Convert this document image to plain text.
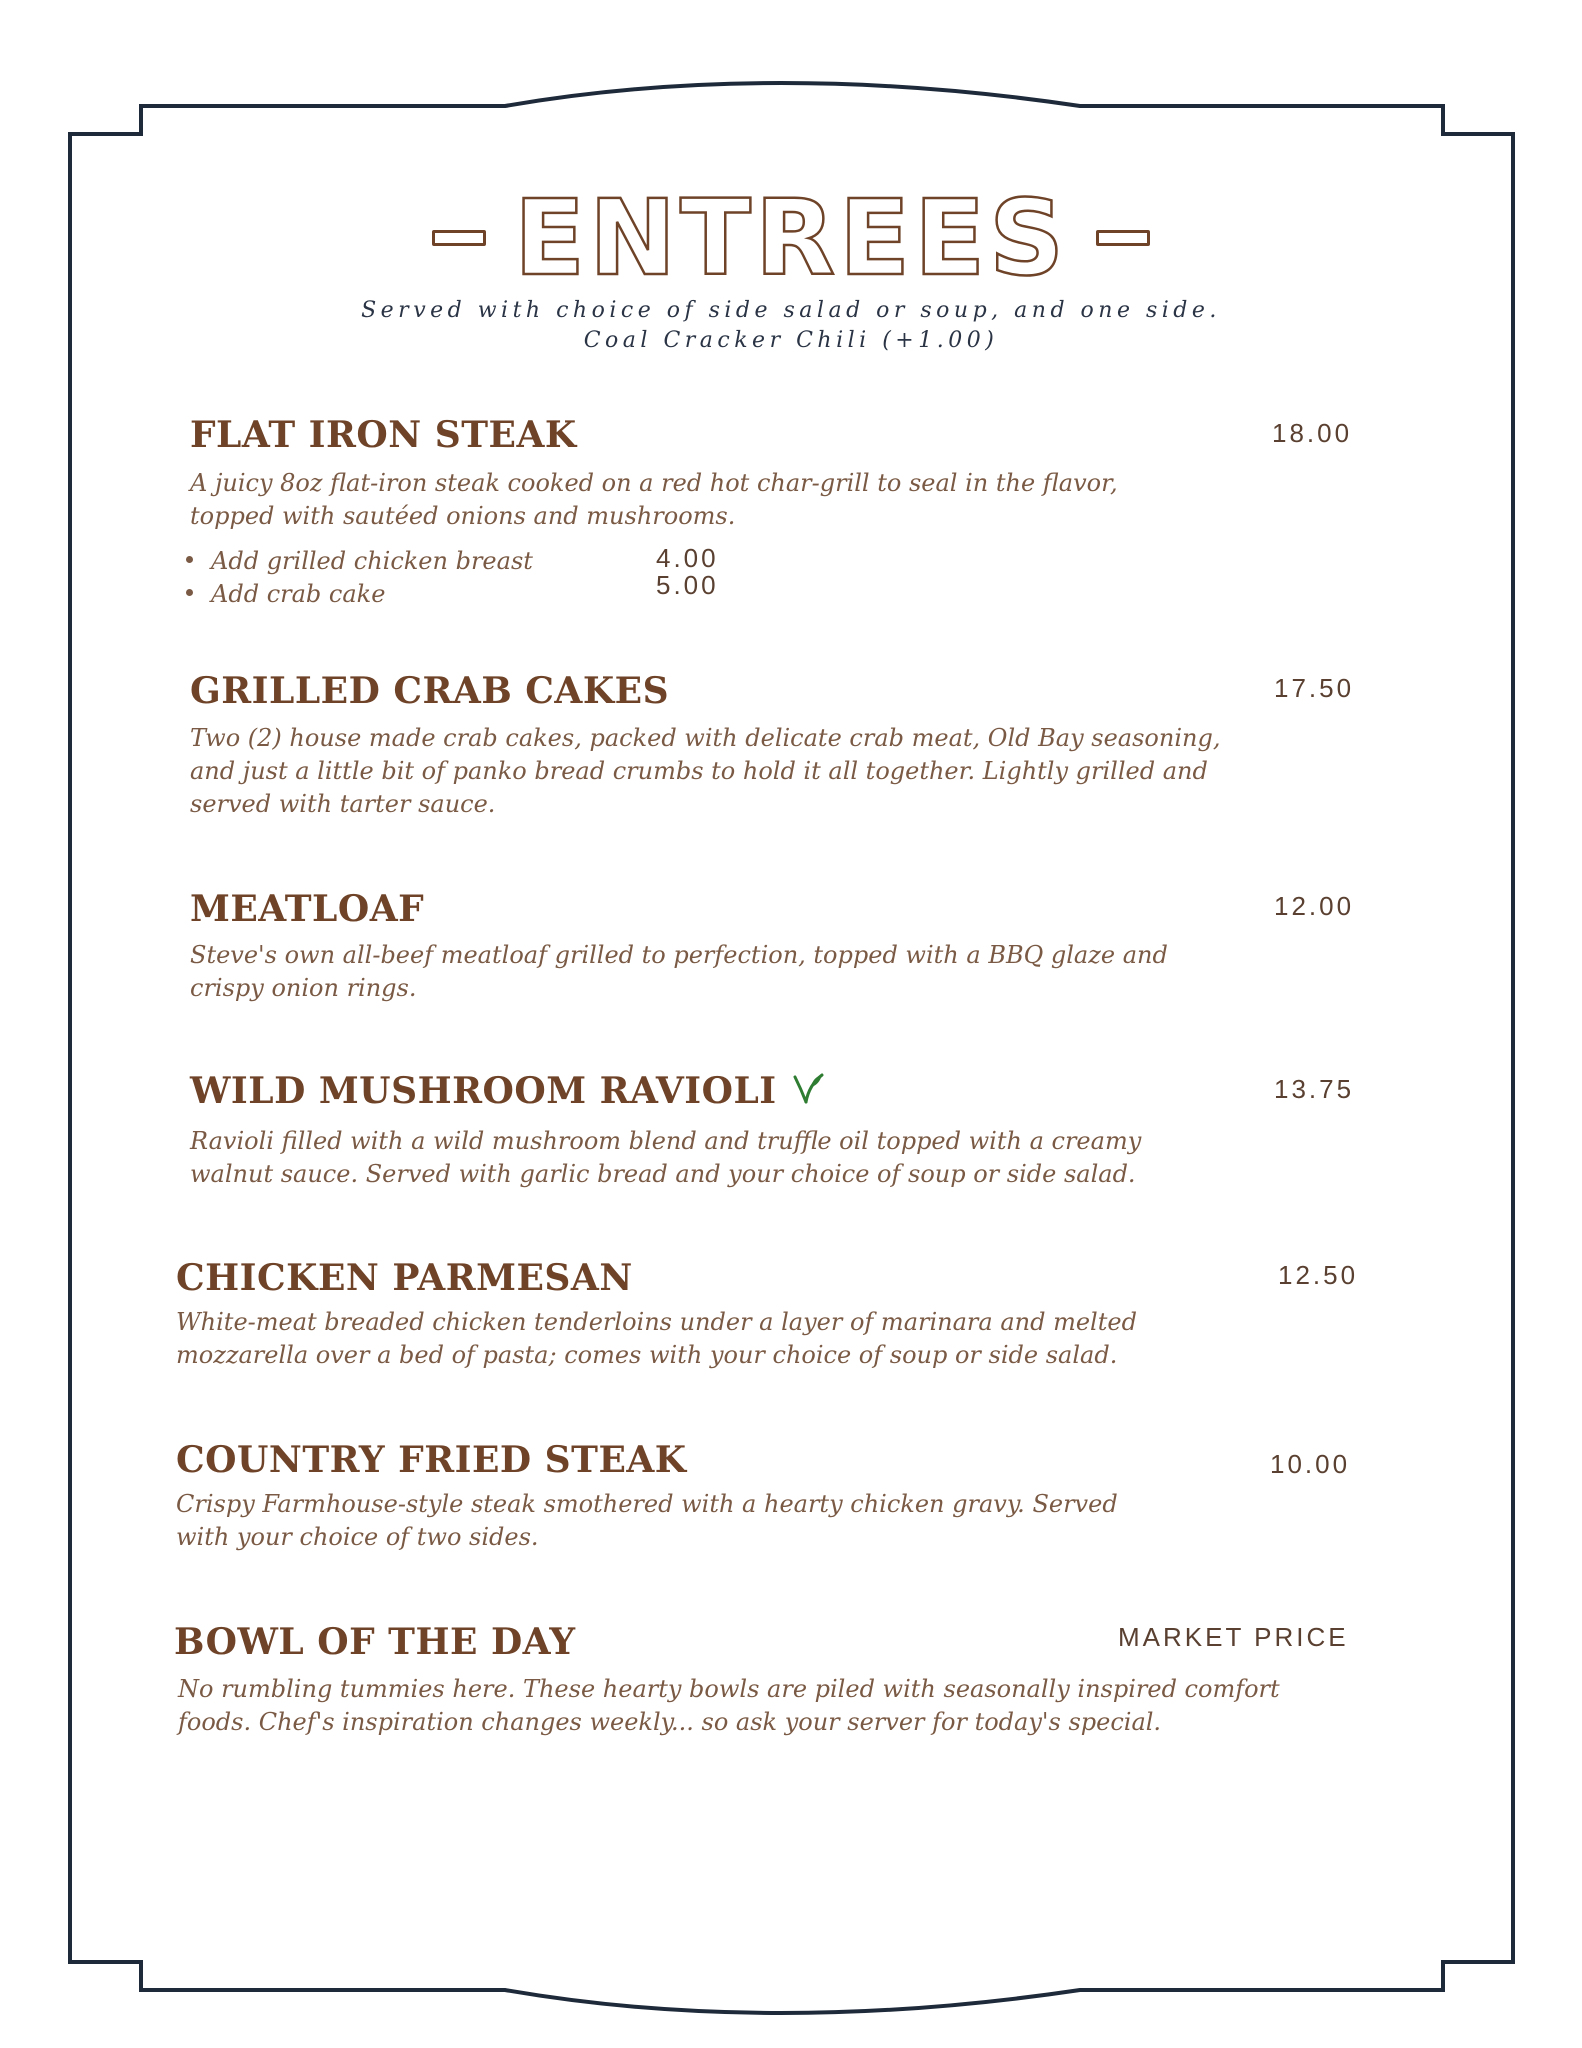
ENTREES
Served with choice of side salad or soup, and one side.
Coal Cracker Chili (+1.00)
FLAT IRON STEAK	18.00
A juicy 8oz flat-iron steak cooked on a red hot char-grill to seal in the flavor,
topped with sautéed onions and mushrooms.
Add grilled chicken breast	4.00
Add crab cake	5.00
GRILLED CRAB CAKES	17.50
Two (2) house made crab cakes, packed with delicate crab meat, Old Bay seasoning,
and just a little bit of panko bread crumbs to hold it all together. Lightly grilled and
served with tarter sauce.
MEATLOAF	12.00
Steve's own all-beef meatloaf grilled to perfection, topped with a BBQ glaze and
crispy onion rings.
WILD MUSHROOM RAVIOLI	13.75
Ravioli filled with a wild mushroom blend and truffle oil topped with a creamy
walnut sauce. Served with garlic bread and your choice of soup or side salad.
CHICKEN PARMESAN	12.50
White-meat breaded chicken tenderloins under a layer of marinara and melted
mozzarella over a bed of pasta; comes with your choice of soup or side salad.
COUNTRY FRIED STEAK	10.00
Crispy Farmhouse-style steak smothered with a hearty chicken gravy. Served
with your choice of two sides.
BOWL OF THE DAY	MARKET PRICE
No rumbling tummies here. These hearty bowls are piled with seasonally inspired comfort
foods. Chef's inspiration changes weekly... so ask your server for today's special.
